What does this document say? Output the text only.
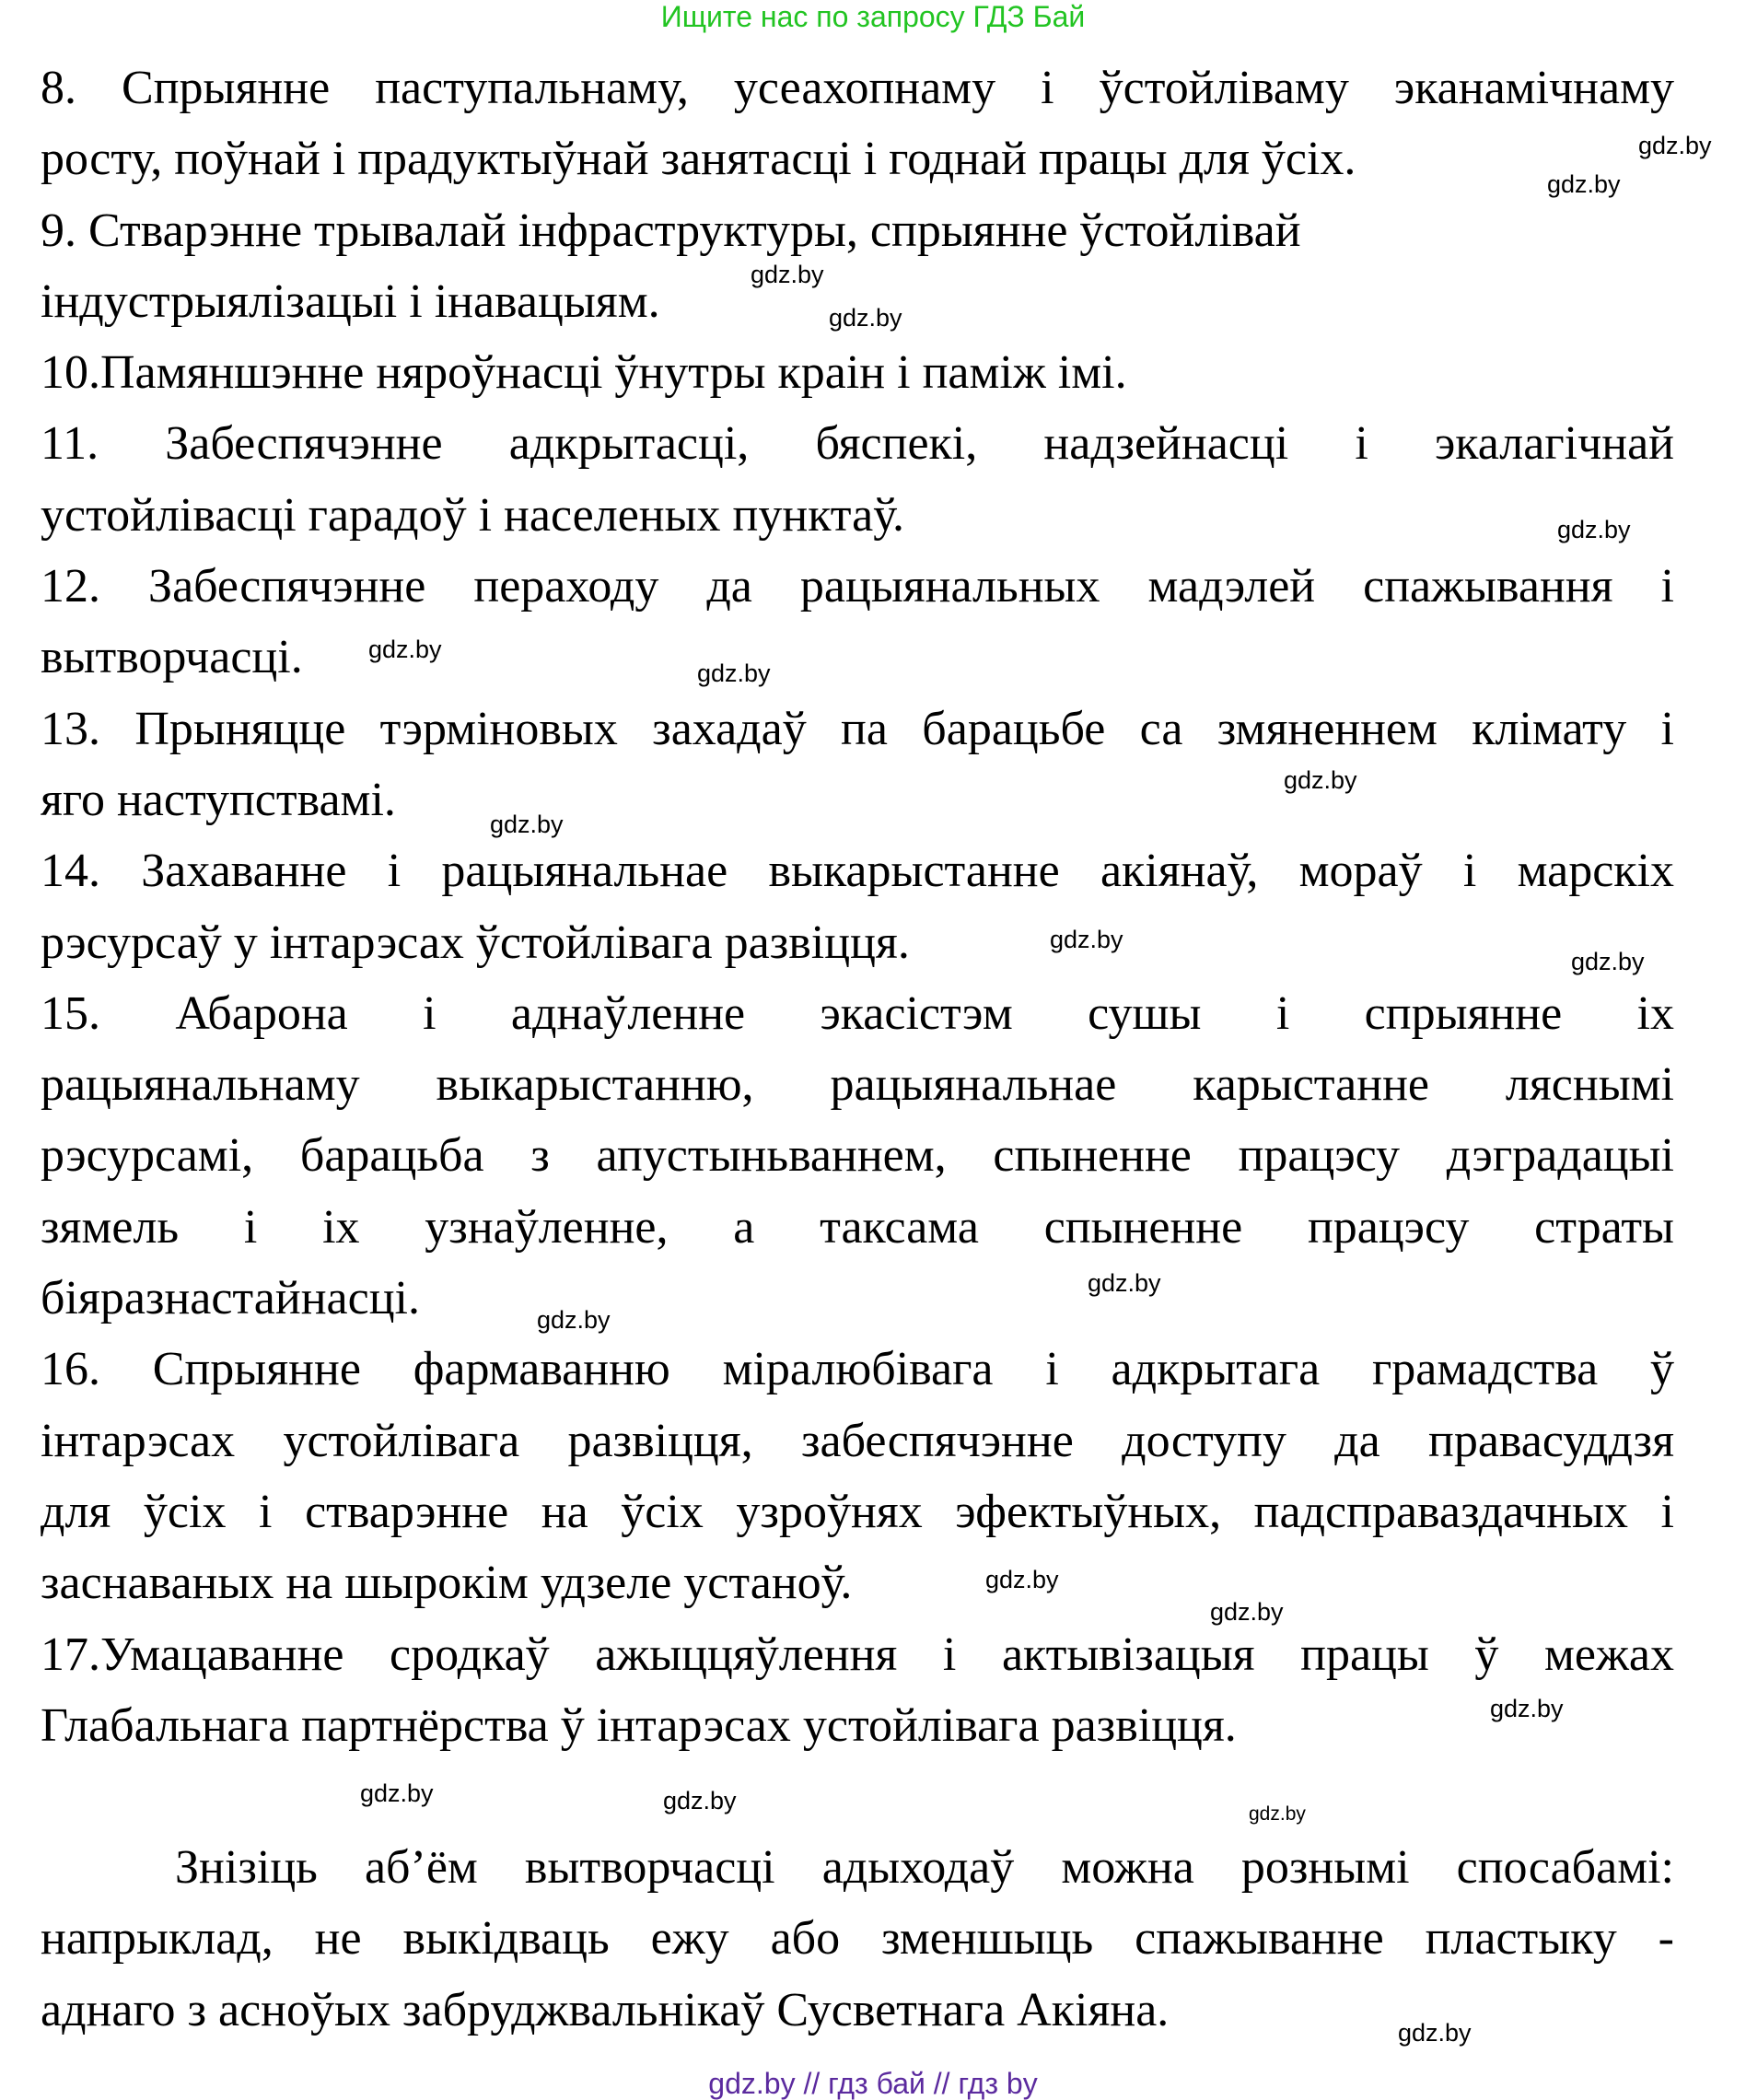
Ищите нас по запросу ГДЗ Бай
8. Спрыянне паступальнаму, усеахопнаму і ўстойліваму эканамічнаму
росту, поўнай і прадуктыўнай занятасці і годнай працы для ўсіх.
9. Стварэнне трывалай інфраструктуры, спрыянне ўстойлівай
індустрыялізацыі і інавацыям.
10.Памяншэнне няроўнасці ўнутры краін і паміж імі.
11. Забеспячэнне адкрытасці, бяспекі, надзейнасці і экалагічнай
устойлівасці гарадоў і населеных пунктаў.
12. Забеспячэнне пераходу да рацыянальных мадэлей спажывання і
вытворчасці.
13. Прыняцце тэрміновых захадаў па барацьбе са змяненнем клімату і
яго наступствамі.
14. Захаванне і рацыянальнае выкарыстанне акіянаў, мораў і марскіх
рэсурсаў у інтарэсах ўстойлівага развіцця.
15. Абарона і аднаўленне экасістэм сушы і спрыянне іх
рацыянальнаму выкарыстанню, рацыянальнае карыстанне ляснымі
рэсурсамі, барацьба з апустыньваннем, спыненне працэсу дэградацыі
зямель і іх узнаўленне, а таксама спыненне працэсу страты
біяразнастайнасці.
16. Спрыянне фармаванню міралюбівага і адкрытага грамадства ў
інтарэсах устойлівага развіцця, забеспячэнне доступу да правасуддзя
для ўсіх і стварэнне на ўсіх узроўнях эфектыўных, падсправаздачных і
заснаваных на шырокім удзеле устаноў.
17.Умацаванне сродкаў ажыццяўлення і актывізацыя працы ў межах
Глабальнага партнёрства ў інтарэсах устойлівага развіцця.
Знізіць аб’ём вытворчасці адыходаў можна рознымі спосабамі:
напрыклад, не выкідваць ежу або зменшыць спажыванне пластыку -
аднаго з асноўых забруджвальнікаў Сусветнага Акіяна.
gdz.by
gdz.by
gdz.by
gdz.by
gdz.by
gdz.by
gdz.by
gdz.by
gdz.by
gdz.by
gdz.by
gdz.by
gdz.by
gdz.by
gdz.by
gdz.by
gdz.by
gdz.by
gdz.by
gdz.by
gdz.by // гдз бай // гдз by
